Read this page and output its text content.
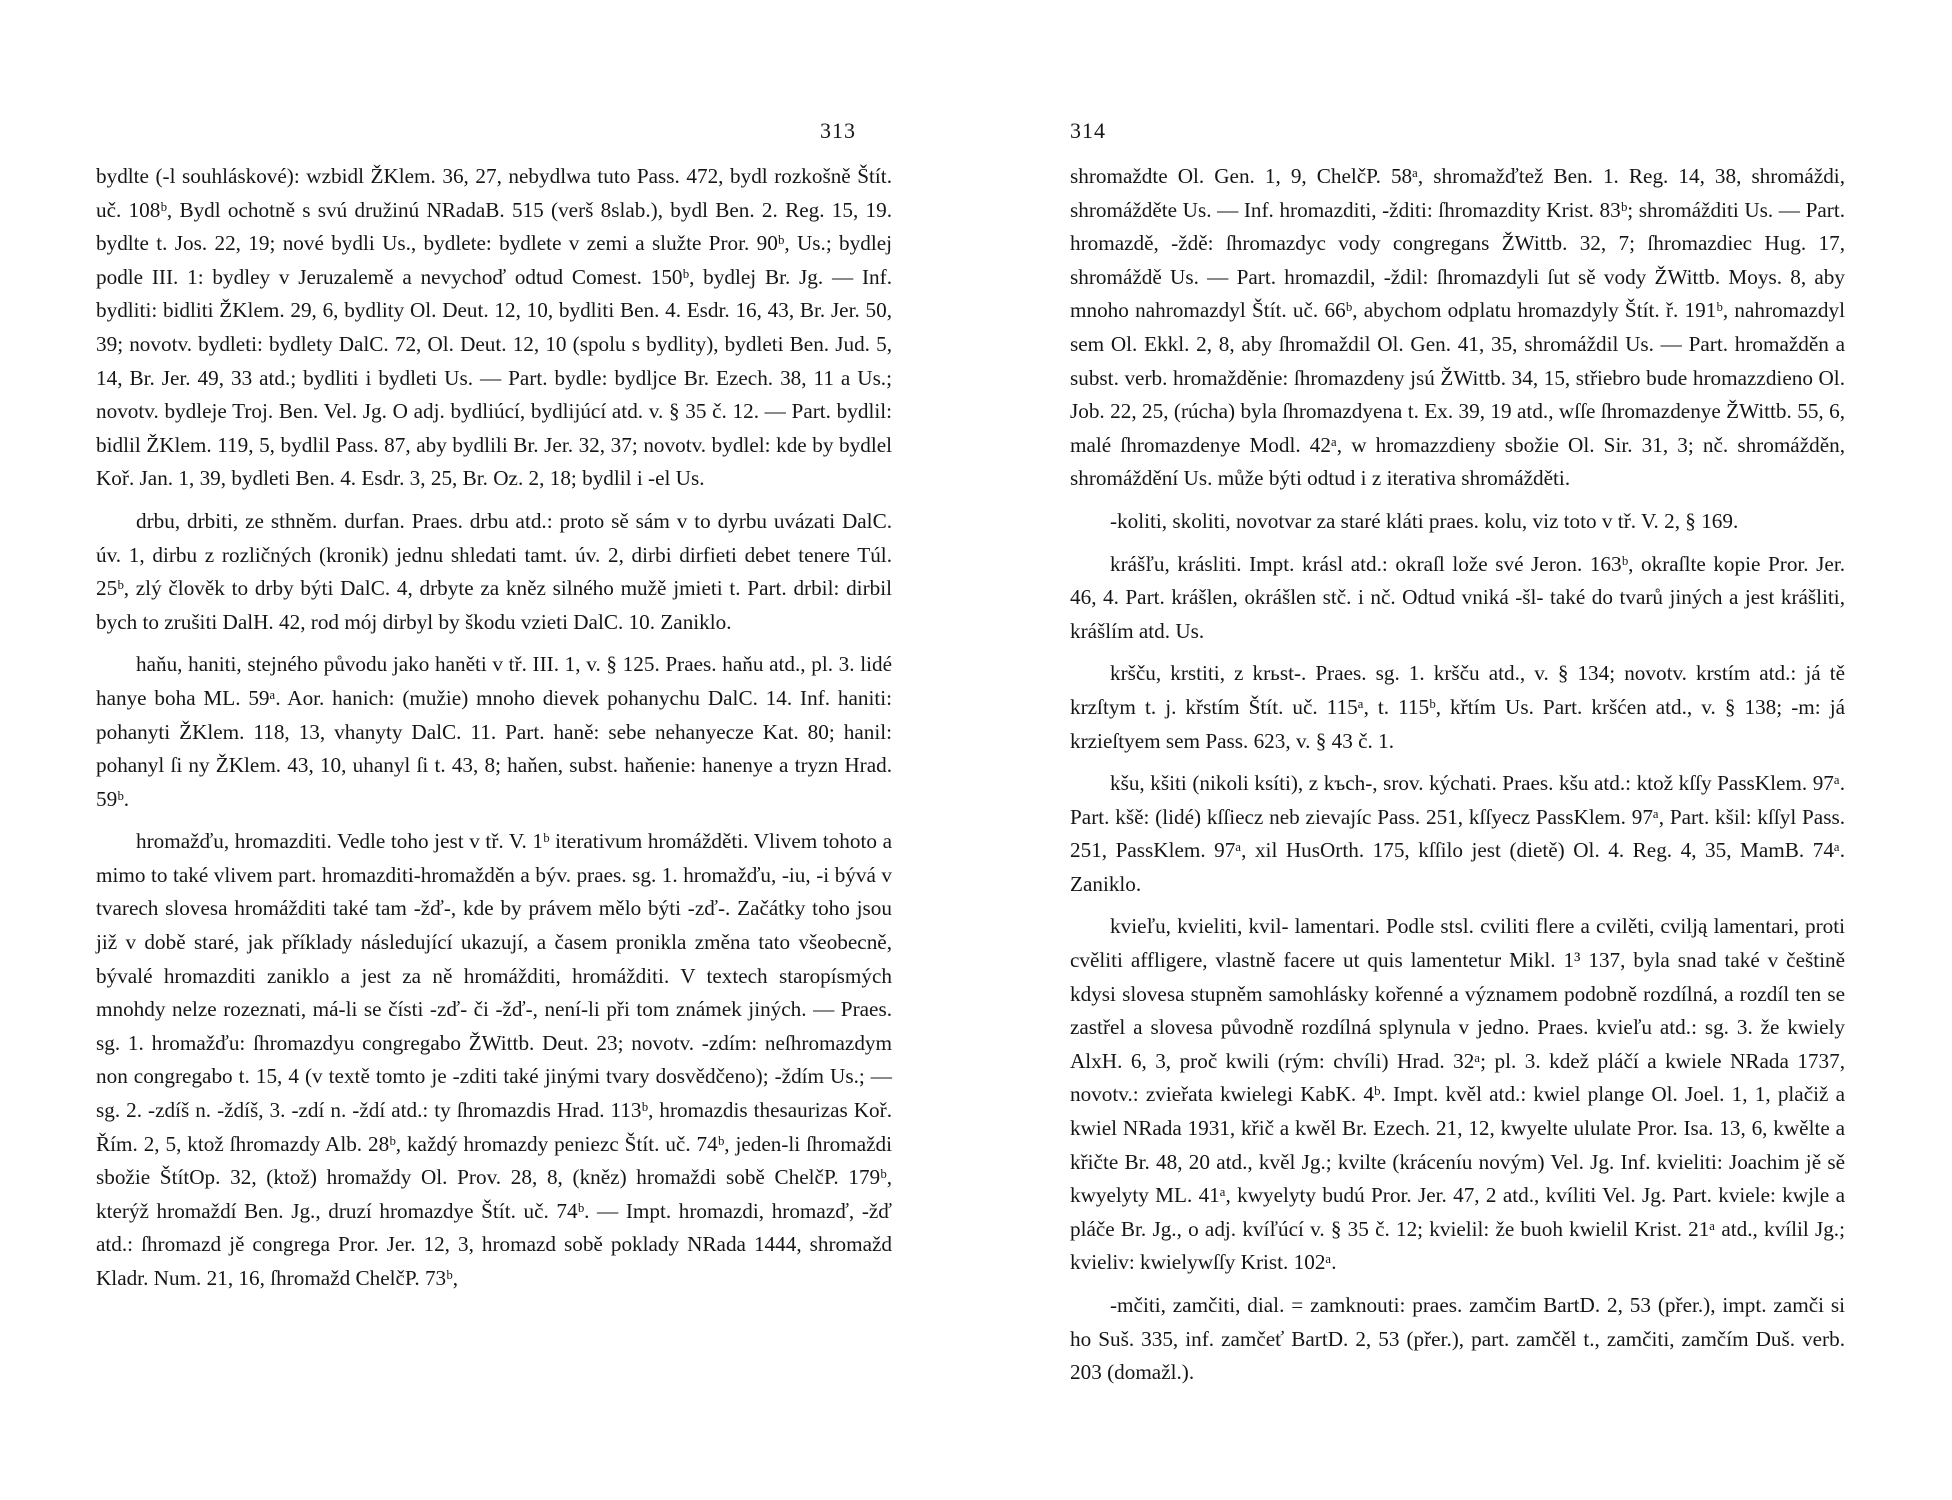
313

bydlte (-l souhláskové): wzbidl ŽKlem. 36, 27, nebydlwa tuto Pass. 472, bydl rozkošně Štít. uč. 108ᵇ, Bydl ochotně s svú družinú NRadaB. 515 (verš 8slab.), bydl Ben. 2. Reg. 15, 19. bydlte t. Jos. 22, 19; nové bydli Us., bydlete: bydlete v zemi a služte Pror. 90ᵇ, Us.; bydlej podle III. 1: bydley v Jeruzalemě a nevychoď odtud Comest. 150ᵇ, bydlej Br. Jg. — Inf. bydliti: bidliti ŽKlem. 29, 6, bydlity Ol. Deut. 12, 10, bydliti Ben. 4. Esdr. 16, 43, Br. Jer. 50, 39; novotv. bydleti: bydlety DalC. 72, Ol. Deut. 12, 10 (spolu s bydlity), bydleti Ben. Jud. 5, 14, Br. Jer. 49, 33 atd.; bydliti i bydleti Us. — Part. bydle: bydljce Br. Ezech. 38, 11 a Us.; novotv. bydleje Troj. Ben. Vel. Jg. O adj. bydliúcí, bydlijúcí atd. v. § 35 č. 12. — Part. bydlil: bidlil ŽKlem. 119, 5, bydlil Pass. 87, aby bydlili Br. Jer. 32, 37; novotv. bydlel: kde by bydlel Koř. Jan. 1, 39, bydleti Ben. 4. Esdr. 3, 25, Br. Oz. 2, 18; bydlil i -el Us.

drbu, drbiti, ze sthněm. durfan. Praes. drbu atd.: proto sě sám v to dyrbu uvázati DalC. úv. 1, dirbu z rozličných (kronik) jednu shledati tamt. úv. 2, dirbi dirfieti debet tenere Túl. 25ᵇ, zlý člověk to drby býti DalC. 4, drbyte za kněz silného mužě jmieti t. Part. drbil: dirbil bych to zrušiti DalH. 42, rod mój dirbyl by škodu vzieti DalC. 10. Zaniklo.

haňu, haniti, stejného původu jako haněti v tř. III. 1, v. § 125. Praes. haňu atd., pl. 3. lidé hanye boha ML. 59ᵃ. Aor. hanich: (mužie) mnoho dievek pohanychu DalC. 14. Inf. haniti: pohanyti ŽKlem. 118, 13, vhanyty DalC. 11. Part. haně: sebe nehanyecze Kat. 80; hanil: pohanyl ſi ny ŽKlem. 43, 10, uhanyl ſi t. 43, 8; haňen, subst. haňenie: hanenye a tryzn Hrad. 59ᵇ.

hromažďu, hromazditi. Vedle toho jest v tř. V. 1ᵇ iterativum hromážděti. Vlivem tohoto a mimo to také vlivem part. hromazditi-hromažděn a býv. praes. sg. 1. hromažďu, -iu, -i bývá v tvarech slovesa hromážditi také tam -žď-, kde by právem mělo býti -zď-. Začátky toho jsou již v době staré, jak příklady následující ukazují, a časem pronikla změna tato všeobecně, bývalé hromazditi zaniklo a jest za ně hromážditi, hromážditi. V textech staropísmých mnohdy nelze rozeznati, má-li se čísti -zď- či -žď-, není-li při tom známek jiných. — Praes. sg. 1. hromažďu: ſhromazdyu congregabo ŽWittb. Deut. 23; novotv. -zdím: neſhromazdym non congregabo t. 15, 4 (v textě tomto je -zditi také jinými tvary dosvědčeno); -ždím Us.; — sg. 2. -zdíš n. -ždíš, 3. -zdí n. -ždí atd.: ty ſhromazdis Hrad. 113ᵇ, hromazdis thesaurizas Koř. Řím. 2, 5, ktož ſhromazdy Alb. 28ᵇ, každý hromazdy peniezc Štít. uč. 74ᵇ, jeden-li ſhromaždi sbožie ŠtítOp. 32, (ktož) hromaždy Ol. Prov. 28, 8, (kněz) hromaždi sobě ChelčP. 179ᵇ, kterýž hromaždí Ben. Jg., druzí hromazdye Štít. uč. 74ᵇ. — Impt. hromazdi, hromazď, -žď atd.: ſhromazd jě congrega Pror. Jer. 12, 3, hromazd sobě poklady NRada 1444, shromažd Kladr. Num. 21, 16, ſhromažd ChelčP. 73ᵇ,

314

shromaždte Ol. Gen. 1, 9, ChelčP. 58ᵃ, shromažďtež Ben. 1. Reg. 14, 38, shromáždi, shromážděte Us. — Inf. hromazditi, -žditi: ſhromazdity Krist. 83ᵇ; shromážditi Us. — Part. hromazdě, -ždě: ſhromazdyc vody congregans ŽWittb. 32, 7; ſhromazdiec Hug. 17, shromáždě Us. — Part. hromazdil, -ždil: ſhromazdyli ſut sě vody ŽWittb. Moys. 8, aby mnoho nahromazdyl Štít. uč. 66ᵇ, abychom odplatu hromazdyly Štít. ř. 191ᵇ, nahromazdyl sem Ol. Ekkl. 2, 8, aby ſhromaždil Ol. Gen. 41, 35, shromáždil Us. — Part. hromažděn a subst. verb. hromažděnie: ſhromazdeny jsú ŽWittb. 34, 15, střiebro bude hromazzdieno Ol. Job. 22, 25, (rúcha) byla ſhromazdyena t. Ex. 39, 19 atd., wſſe ſhromazdenye ŽWittb. 55, 6, malé ſhromazdenye Modl. 42ᵃ, w hromazzdieny sbožie Ol. Sir. 31, 3; nč. shromážděn, shromáždění Us. může býti odtud i z iterativa shromážděti.

-koliti, skoliti, novotvar za staré kláti praes. kolu, viz toto v tř. V. 2, § 169.

krášľu, krásliti. Impt. krásl atd.: okraſl lože své Jeron. 163ᵇ, okraſlte kopie Pror. Jer. 46, 4. Part. krášlen, okrášlen stč. i nč. Odtud vniká -šl- také do tvarů jiných a jest krášliti, krášlím atd. Us.

kršču, krstiti, z krьst-. Praes. sg. 1. kršču atd., v. § 134; novotv. krstím atd.: já tě krzſtym t. j. křstím Štít. uč. 115ᵃ, t. 115ᵇ, křtím Us. Part. kršćen atd., v. § 138; -m: já krzieſtyem sem Pass. 623, v. § 43 č. 1.

kšu, kšiti (nikoli ksíti), z kъch-, srov. kýchati. Praes. kšu atd.: ktož kſſy PassKlem. 97ᵃ. Part. kšě: (lidé) kſſiecz neb zievajíc Pass. 251, kſſyecz PassKlem. 97ᵃ, Part. kšil: kſſyl Pass. 251, PassKlem. 97ᵃ, xil HusOrth. 175, kſſilo jest (dietě) Ol. 4. Reg. 4, 35, MamB. 74ᵃ. Zaniklo.

kvieľu, kvieliti, kvil- lamentari. Podle stsl. cviliti flere a cvilěti, cvilją lamentari, proti cvěliti affligere, vlastně facere ut quis lamentetur Mikl. 1³ 137, byla snad také v češtině kdysi slovesa stupněm samohlásky kořenné a významem podobně rozdílná, a rozdíl ten se zastřel a slovesa původně rozdílná splynula v jedno. Praes. kvieľu atd.: sg. 3. že kwiely AlxH. 6, 3, proč kwili (rým: chvíli) Hrad. 32ᵃ; pl. 3. kdež pláčí a kwiele NRada 1737, novotv.: zvieřata kwielegi KabK. 4ᵇ. Impt. kvěl atd.: kwiel plange Ol. Joel. 1, 1, plačiž a kwiel NRada 1931, křič a kwěl Br. Ezech. 21, 12, kwyelte ululate Pror. Isa. 13, 6, kwělte a křičte Br. 48, 20 atd., kvěl Jg.; kvilte (kráceníu novým) Vel. Jg. Inf. kvieliti: Joachim jě sě kwyelyty ML. 41ᵃ, kwyelyty budú Pror. Jer. 47, 2 atd., kvíliti Vel. Jg. Part. kviele: kwjle a pláče Br. Jg., o adj. kvíľúcí v. § 35 č. 12; kvielil: že buoh kwielil Krist. 21ᵃ atd., kvílil Jg.; kvieliv: kwielywſſy Krist. 102ᵃ.

-mčiti, zamčiti, dial. = zamknouti: praes. zamčim BartD. 2, 53 (přer.), impt. zamči si ho Suš. 335, inf. zamčeť BartD. 2, 53 (přer.), part. zamčěl t., zamčiti, zamčím Duš. verb. 203 (domažl.).
